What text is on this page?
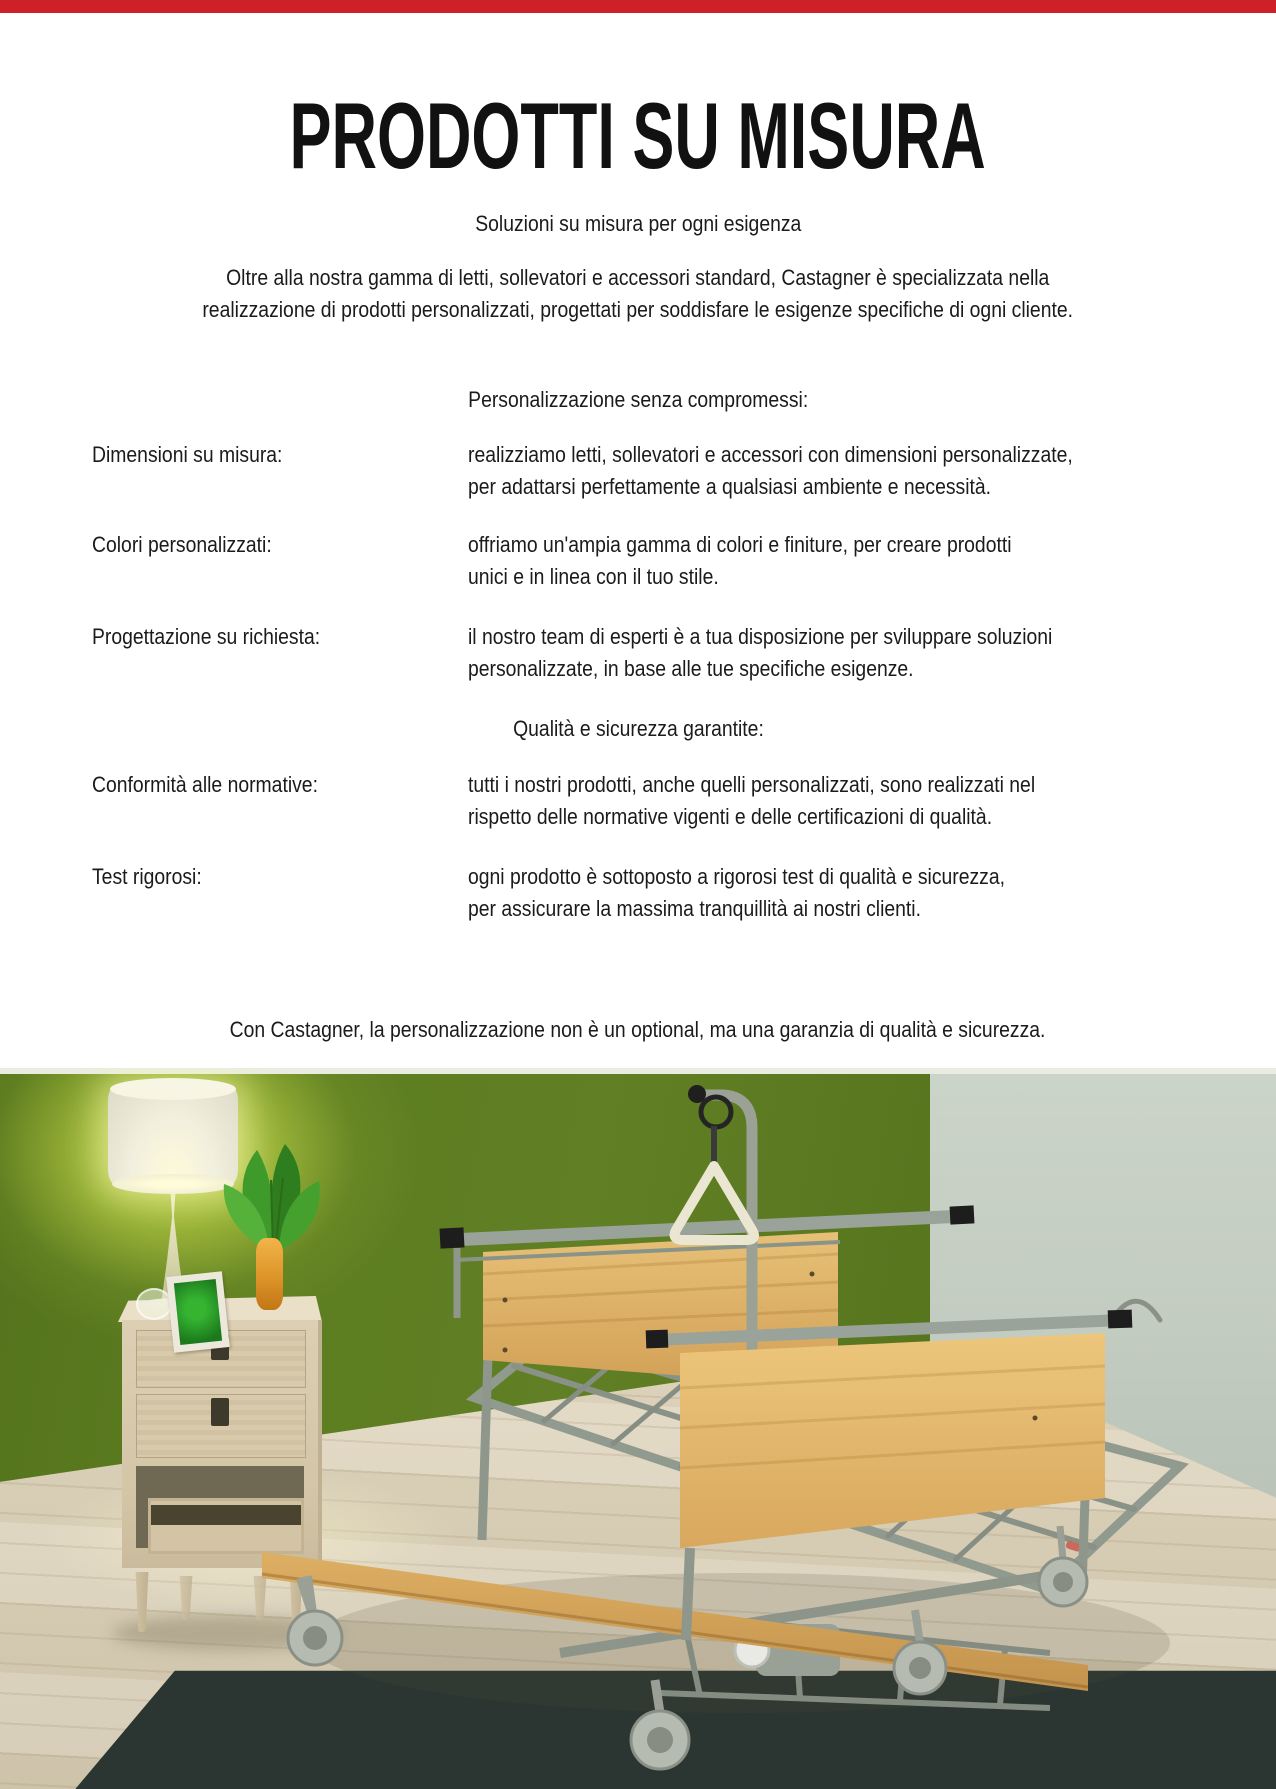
PRODOTTI SU MISURA
Soluzioni su misura per ogni esigenza
Oltre alla nostra gamma di letti, sollevatori e accessori standard, Castagner è specializzata nella
realizzazione di prodotti personalizzati, progettati per soddisfare le esigenze specifiche di ogni cliente.
Personalizzazione senza compromessi:
Dimensioni su misura:	realizziamo letti, sollevatori e accessori con dimensioni personalizzate,
per adattarsi perfettamente a qualsiasi ambiente e necessità.
Colori personalizzati:	offriamo un'ampia gamma di colori e finiture, per creare prodotti
unici e in linea con il tuo stile.
Progettazione su richiesta:	il nostro team di esperti è a tua disposizione per sviluppare soluzioni
personalizzate, in base alle tue specifiche esigenze.
Qualità e sicurezza garantite:
Conformità alle normative:	tutti i nostri prodotti, anche quelli personalizzati, sono realizzati nel
rispetto delle normative vigenti e delle certificazioni di qualità.
Test rigorosi:	ogni prodotto è sottoposto a rigorosi test di qualità e sicurezza,
per assicurare la massima tranquillità ai nostri clienti.
Con Castagner, la personalizzazione non è un optional, ma una garanzia di qualità e sicurezza.
